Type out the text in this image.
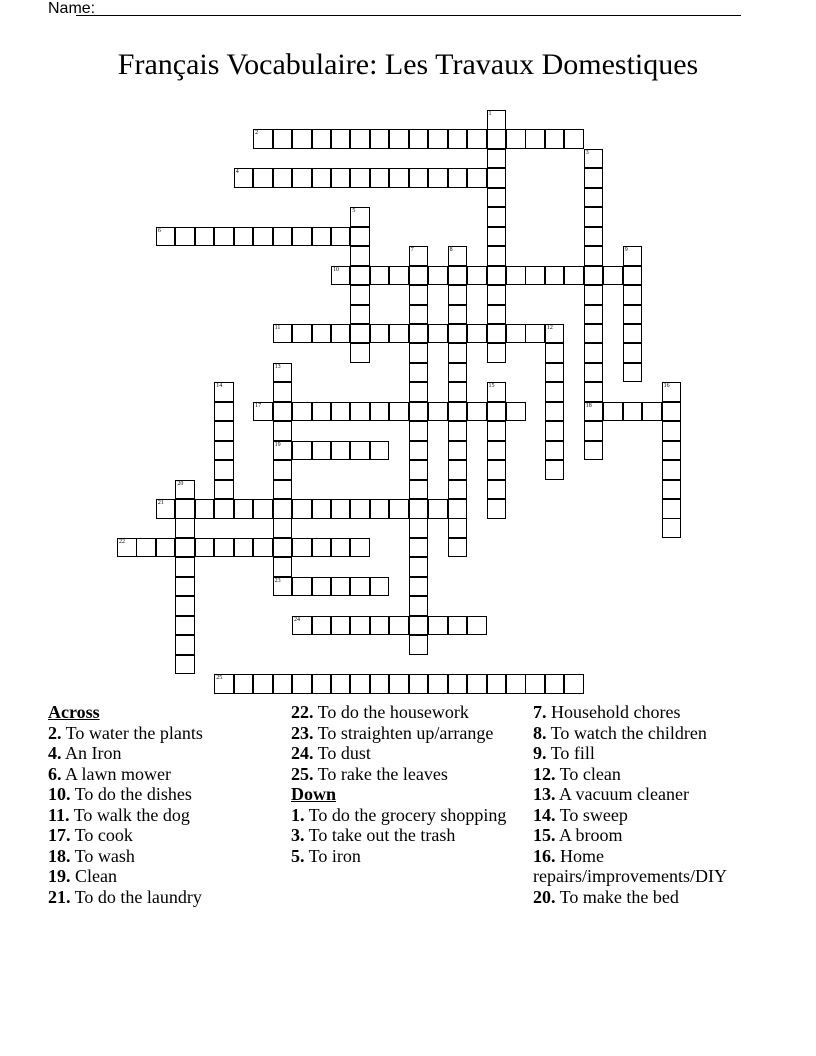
Name:
Français Vocabulaire: Les Travaux Domestiques
2
4
6
10
11	12
17	18
19
21
22
23
24
25
1
3
5
7	8	9
13
14	15	16
20
Across
2. To water the plants
4. An Iron
6. A lawn mower
10. To do the dishes
11. To walk the dog
17. To cook
18. To wash
19. Clean
21. To do the laundry
22. To do the housework
23. To straighten up/arrange
24. To dust
25. To rake the leaves
Down
1. To do the grocery shopping
3. To take out the trash
5. To iron
7. Household chores
8. To watch the children
9. To fill
12. To clean
13. A vacuum cleaner
14. To sweep
15. A broom
16. Home repairs/improvements/DIY
20. To make the bed
